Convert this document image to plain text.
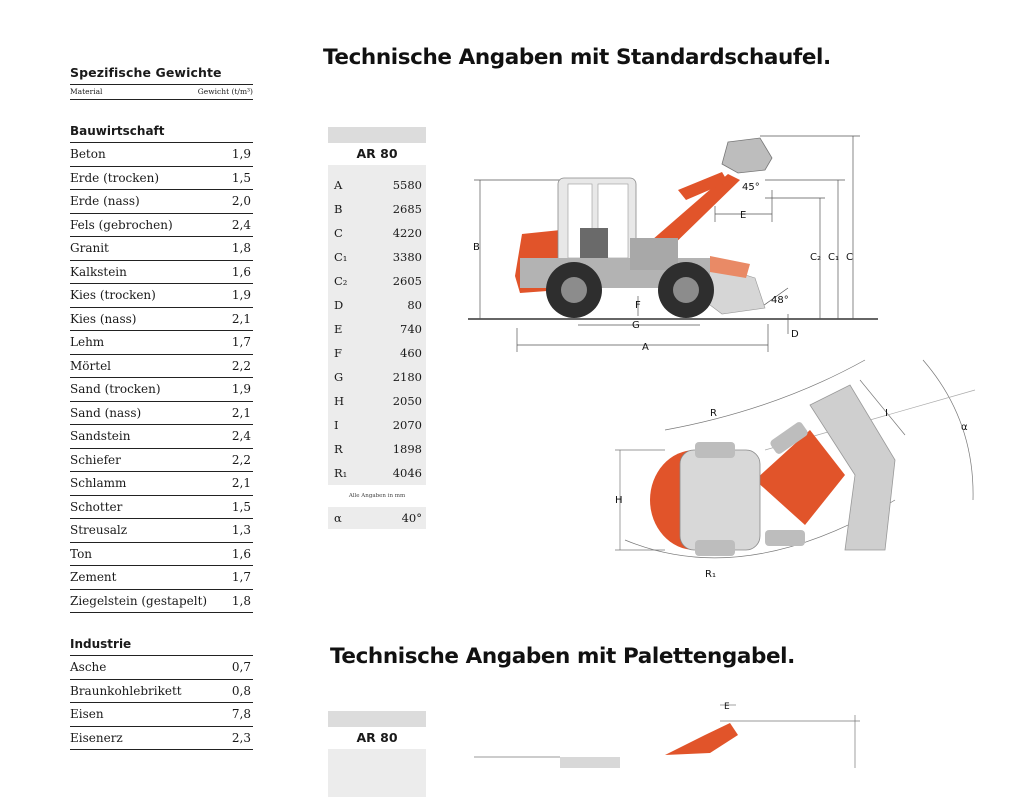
Spezifische Gewichte
Material	Gewicht (t/m³)
Bauwirtschaft
Beton	1,9
Erde (trocken)	1,5
Erde (nass)	2,0
Fels (gebrochen)	2,4
Granit	1,8
Kalkstein	1,6
Kies (trocken)	1,9
Kies (nass)	2,1
Lehm	1,7
Mörtel	2,2
Sand (trocken)	1,9
Sand (nass)	2,1
Sandstein	2,4
Schiefer	2,2
Schlamm	2,1
Schotter	1,5
Streusalz	1,3
Ton	1,6
Zement	1,7
Ziegelstein (gestapelt) 1,8
Industrie
Asche	0,7
Braunkohlebrikett	0,8
Eisen	7,8
Eisenerz	2,3
Technische Angaben mit Standardschaufel.
AR 80
A	5580
B	2685
C	4220
C₁	3380
C₂	2605
D	80
E	740
F	460
G	2180
H	2050
I	2070
R	1898
R₁	4046
Alle Angaben in mm
α	40°
B
C
C₁
C₂
E
45°
48°
G
A
D
F
H
I
R
R₁
α
Technische Angaben mit Palettengabel.
AR 80
E
